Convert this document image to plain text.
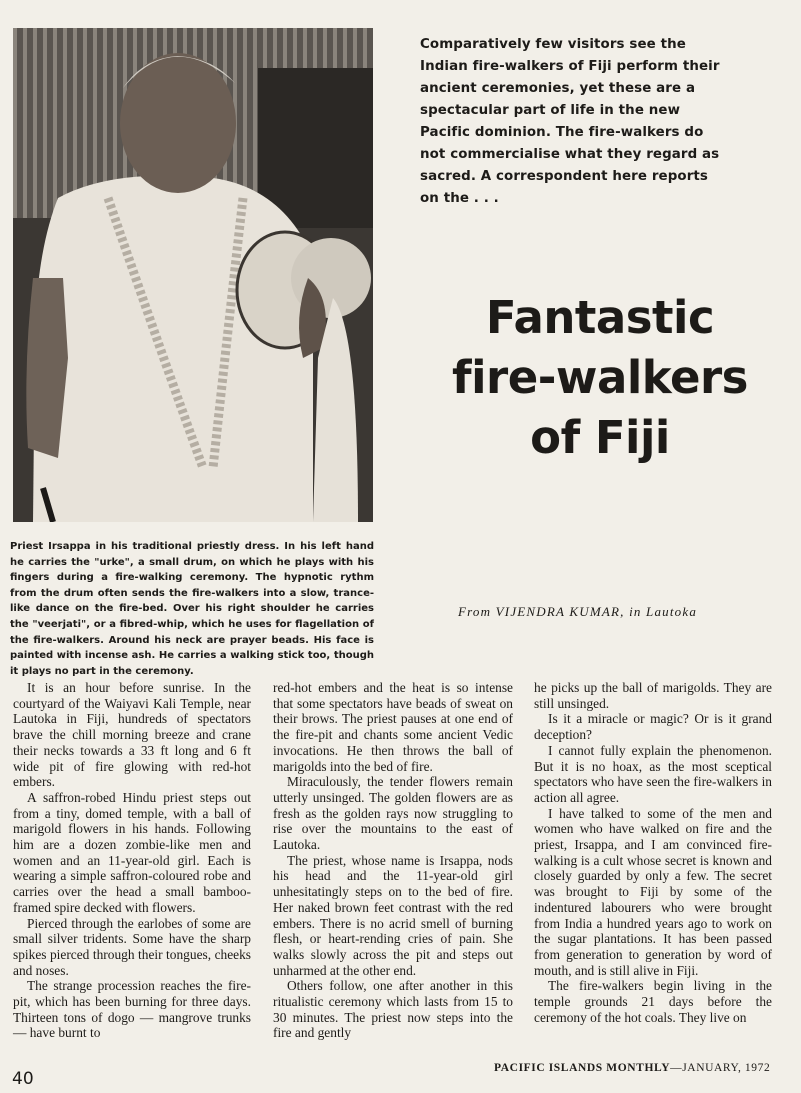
Comparatively few visitors see the Indian fire-walkers of Fiji perform their ancient ceremonies, yet these are a spectacular part of life in the new Pacific dominion. The fire-walkers do not commercialise what they regard as sacred. A correspondent here reports on the . . .

Fantastic
fire-walkers
of Fiji

Priest Irsappa in his traditional priestly dress. In his left hand he carries the "urke", a small drum, on which he plays with his fingers during a fire-walking ceremony. The hypnotic rythm from the drum often sends the fire-walkers into a slow, trance-like dance on the fire-bed. Over his right shoulder he carries the "veerjati", or a fibred-whip, which he uses for flagellation of the fire-walkers. Around his neck are prayer beads. His face is painted with incense ash. He carries a walking stick too, though it plays no part in the ceremony.

From VIJENDRA KUMAR, in Lautoka

It is an hour before sunrise. In the courtyard of the Waiyavi Kali Temple, near Lautoka in Fiji, hundreds of spectators brave the chill morning breeze and crane their necks towards a 33 ft long and 6 ft wide pit of fire glowing with red-hot embers.

A saffron-robed Hindu priest steps out from a tiny, domed temple, with a ball of marigold flowers in his hands. Following him are a dozen zombie-like men and women and an 11-year-old girl. Each is wearing a simple saffron-coloured robe and carries over the head a small bamboo-framed spire decked with flowers.

Pierced through the earlobes of some are small silver tridents. Some have the sharp spikes pierced through their tongues, cheeks and noses.

The strange procession reaches the fire-pit, which has been burning for three days. Thirteen tons of dogo — mangrove trunks — have burnt to

red-hot embers and the heat is so intense that some spectators have beads of sweat on their brows. The priest pauses at one end of the fire-pit and chants some ancient Vedic invocations. He then throws the ball of marigolds into the bed of fire.

Miraculously, the tender flowers remain utterly unsinged. The golden flowers are as fresh as the golden rays now struggling to rise over the mountains to the east of Lautoka.

The priest, whose name is Irsappa, nods his head and the 11-year-old girl unhesitatingly steps on to the bed of fire. Her naked brown feet contrast with the red embers. There is no acrid smell of burning flesh, or heart-rending cries of pain. She walks slowly across the pit and steps out unharmed at the other end.

Others follow, one after another in this ritualistic ceremony which lasts from 15 to 30 minutes. The priest now steps into the fire and gently

he picks up the ball of marigolds. They are still unsinged.

Is it a miracle or magic? Or is it grand deception?

I cannot fully explain the phenomenon. But it is no hoax, as the most sceptical spectators who have seen the fire-walkers in action all agree.

I have talked to some of the men and women who have walked on fire and the priest, Irsappa, and I am convinced fire-walking is a cult whose secret is known and closely guarded by only a few. The secret was brought to Fiji by some of the indentured labourers who were brought from India a hundred years ago to work on the sugar plantations. It has been passed from generation to generation by word of mouth, and is still alive in Fiji.

The fire-walkers begin living in the temple grounds 21 days before the ceremony of the hot coals. They live on

40

PACIFIC ISLANDS MONTHLY—JANUARY, 1972
